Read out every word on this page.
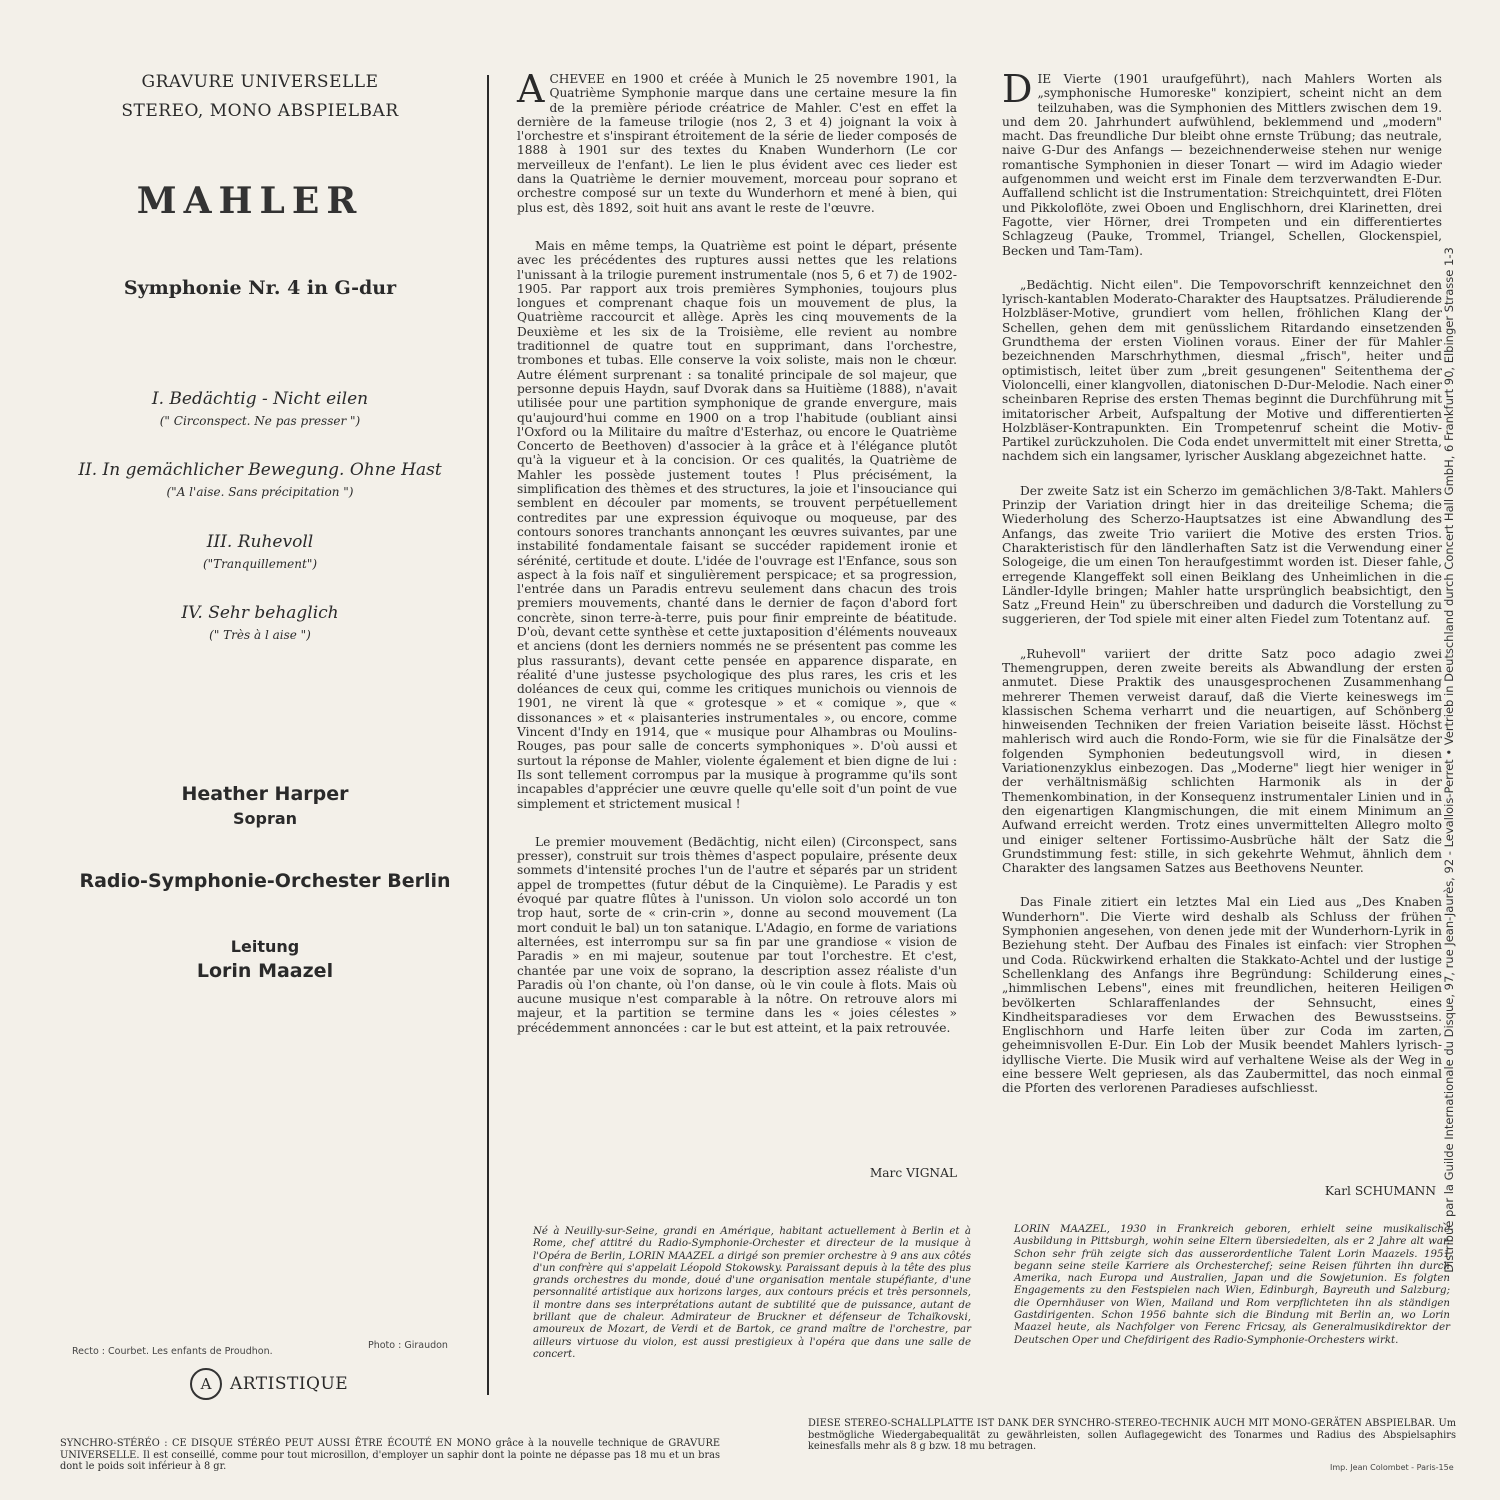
GRAVURE UNIVERSELLE
STEREO, MONO ABSPIELBAR
MAHLER
Symphonie Nr. 4 in G-dur
I. Bedächtig - Nicht eilen
(" Circonspect. Ne pas presser ")
II. In gemächlicher Bewegung. Ohne Hast
("A l'aise. Sans précipitation ")
III. Ruhevoll
("Tranquillement")
IV. Sehr behaglich
(" Très à l aise ")
Heather Harper
Sopran
Radio-Symphonie-Orchester Berlin
Leitung
Lorin Maazel
Recto : Courbet. Les enfants de Proudhon.
Photo : Giraudon
A	ARTISTIQUE

ACHEVEE en 1900 et créée à Munich le 25 novembre 1901, la Quatrième Symphonie marque dans une certaine mesure la fin de la première période créatrice de Mahler. C'est en effet la dernière de la fameuse trilogie (nos 2, 3 et 4) joignant la voix à l'orchestre et s'inspirant étroitement de la série de lieder composés de 1888 à 1901 sur des textes du Knaben Wunderhorn (Le cor merveilleux de l'enfant). Le lien le plus évident avec ces lieder est dans la Quatrième le dernier mouvement, morceau pour soprano et orchestre composé sur un texte du Wunderhorn et mené à bien, qui plus est, dès 1892, soit huit ans avant le reste de l'œuvre.

Mais en même temps, la Quatrième est point le départ, présente avec les précédentes des ruptures aussi nettes que les relations l'unissant à la trilogie purement instrumentale (nos 5, 6 et 7) de 1902-1905. Par rapport aux trois premières Symphonies, toujours plus longues et comprenant chaque fois un mouvement de plus, la Quatrième raccourcit et allège. Après les cinq mouvements de la Deuxième et les six de la Troisième, elle revient au nombre traditionnel de quatre tout en supprimant, dans l'orchestre, trombones et tubas. Elle conserve la voix soliste, mais non le chœur. Autre élément surprenant : sa tonalité principale de sol majeur, que personne depuis Haydn, sauf Dvorak dans sa Huitième (1888), n'avait utilisée pour une partition symphonique de grande envergure, mais qu'aujourd'hui comme en 1900 on a trop l'habitude (oubliant ainsi l'Oxford ou la Militaire du maître d'Esterhaz, ou encore le Quatrième Concerto de Beethoven) d'associer à la grâce et à l'élégance plutôt qu'à la vigueur et à la concision. Or ces qualités, la Quatrième de Mahler les possède justement toutes ! Plus précisément, la simplification des thèmes et des structures, la joie et l'insouciance qui semblent en découler par moments, se trouvent perpétuellement contredites par une expression équivoque ou moqueuse, par des contours sonores tranchants annonçant les œuvres suivantes, par une instabilité fondamentale faisant se succéder rapidement ironie et sérénité, certitude et doute. L'idée de l'ouvrage est l'Enfance, sous son aspect à la fois naïf et singulièrement perspicace; et sa progression, l'entrée dans un Paradis entrevu seulement dans chacun des trois premiers mouvements, chanté dans le dernier de façon d'abord fort concrète, sinon terre-à-terre, puis pour finir empreinte de béatitude. D'où, devant cette synthèse et cette juxtaposition d'éléments nouveaux et anciens (dont les derniers nommés ne se présentent pas comme les plus rassurants), devant cette pensée en apparence disparate, en réalité d'une justesse psychologique des plus rares, les cris et les doléances de ceux qui, comme les critiques munichois ou viennois de 1901, ne virent là que « grotesque » et « comique », que « dissonances » et « plaisanteries instrumentales », ou encore, comme Vincent d'Indy en 1914, que « musique pour Alhambras ou Moulins-Rouges, pas pour salle de concerts symphoniques ». D'où aussi et surtout la réponse de Mahler, violente également et bien digne de lui : Ils sont tellement corrompus par la musique à programme qu'ils sont incapables d'apprécier une œuvre quelle qu'elle soit d'un point de vue simplement et strictement musical !

Le premier mouvement (Bedächtig, nicht eilen) (Circonspect, sans presser), construit sur trois thèmes d'aspect populaire, présente deux sommets d'intensité proches l'un de l'autre et séparés par un strident appel de trompettes (futur début de la Cinquième). Le Paradis y est évoqué par quatre flûtes à l'unisson. Un violon solo accordé un ton trop haut, sorte de « crin-crin », donne au second mouvement (La mort conduit le bal) un ton satanique. L'Adagio, en forme de variations alternées, est interrompu sur sa fin par une grandiose « vision de Paradis » en mi majeur, soutenue par tout l'orchestre. Et c'est, chantée par une voix de soprano, la description assez réaliste d'un Paradis où l'on chante, où l'on danse, où le vin coule à flots. Mais où aucune musique n'est comparable à la nôtre. On retrouve alors mi majeur, et la partition se termine dans les « joies célestes » précédemment annoncées : car le but est atteint, et la paix retrouvée.

Marc VIGNAL
Né à Neuilly-sur-Seine, grandi en Amérique, habitant actuellement à Berlin et à Rome, chef attitré du Radio-Symphonie-Orchester et directeur de la musique à l'Opéra de Berlin, LORIN MAAZEL a dirigé son premier orchestre à 9 ans aux côtés d'un confrère qui s'appelait Léopold Stokowsky. Paraissant depuis à la tête des plus grands orchestres du monde, doué d'une organisation mentale stupéfiante, d'une personnalité artistique aux horizons larges, aux contours précis et très personnels, il montre dans ses interprétations autant de subtilité que de puissance, autant de brillant que de chaleur. Admirateur de Bruckner et défenseur de Tchaïkovski, amoureux de Mozart, de Verdi et de Bartok, ce grand maître de l'orchestre, par ailleurs virtuose du violon, est aussi prestigieux à l'opéra que dans une salle de concert.

DIE Vierte (1901 uraufgeführt), nach Mahlers Worten als „symphonische Humoreske" konzipiert, scheint nicht an dem teilzuhaben, was die Symphonien des Mittlers zwischen dem 19. und dem 20. Jahrhundert aufwühlend, beklemmend und „modern" macht. Das freundliche Dur bleibt ohne ernste Trübung; das neutrale, naive G-Dur des Anfangs — bezeichnenderweise stehen nur wenige romantische Symphonien in dieser Tonart — wird im Adagio wieder aufgenommen und weicht erst im Finale dem terzverwandten E-Dur. Auffallend schlicht ist die Instrumentation: Streichquintett, drei Flöten und Pikkoloflöte, zwei Oboen und Englischhorn, drei Klarinetten, drei Fagotte, vier Hörner, drei Trompeten und ein differentiertes Schlagzeug (Pauke, Trommel, Triangel, Schellen, Glockenspiel, Becken und Tam-Tam).

„Bedächtig. Nicht eilen". Die Tempovorschrift kennzeichnet den lyrisch-kantablen Moderato-Charakter des Hauptsatzes. Präludierende Holzbläser-Motive, grundiert vom hellen, fröhlichen Klang der Schellen, gehen dem mit genüsslichem Ritardando einsetzenden Grundthema der ersten Violinen voraus. Einer der für Mahler bezeichnenden Marschrhythmen, diesmal „frisch", heiter und optimistisch, leitet über zum „breit gesungenen" Seitenthema der Violoncelli, einer klangvollen, diatonischen D-Dur-Melodie. Nach einer scheinbaren Reprise des ersten Themas beginnt die Durchführung mit imitatorischer Arbeit, Aufspaltung der Motive und differentierten Holzbläser-Kontrapunkten. Ein Trompetenruf scheint die Motiv-Partikel zurückzuholen. Die Coda endet unvermittelt mit einer Stretta, nachdem sich ein langsamer, lyrischer Ausklang abgezeichnet hatte.

Der zweite Satz ist ein Scherzo im gemächlichen 3/8-Takt. Mahlers Prinzip der Variation dringt hier in das dreiteilige Schema; die Wiederholung des Scherzo-Hauptsatzes ist eine Abwandlung des Anfangs, das zweite Trio variiert die Motive des ersten Trios. Charakteristisch für den ländlerhaften Satz ist die Verwendung einer Sologeige, die um einen Ton heraufgestimmt worden ist. Dieser fahle, erregende Klangeffekt soll einen Beiklang des Unheimlichen in die Ländler-Idylle bringen; Mahler hatte ursprünglich beabsichtigt, den Satz „Freund Hein" zu überschreiben und dadurch die Vorstellung zu suggerieren, der Tod spiele mit einer alten Fiedel zum Totentanz auf.

„Ruhevoll" variiert der dritte Satz poco adagio zwei Themengruppen, deren zweite bereits als Abwandlung der ersten anmutet. Diese Praktik des unausgesprochenen Zusammenhang mehrerer Themen verweist darauf, daß die Vierte keineswegs im klassischen Schema verharrt und die neuartigen, auf Schönberg hinweisenden Techniken der freien Variation beiseite lässt. Höchst mahlerisch wird auch die Rondo-Form, wie sie für die Finalsätze der folgenden Symphonien bedeutungsvoll wird, in diesen Variationenzyklus einbezogen. Das „Moderne" liegt hier weniger in der verhältnismäßig schlichten Harmonik als in der Themenkombination, in der Konsequenz instrumentaler Linien und in den eigenartigen Klangmischungen, die mit einem Minimum an Aufwand erreicht werden. Trotz eines unvermittelten Allegro molto und einiger seltener Fortissimo-Ausbrüche hält der Satz die Grundstimmung fest: stille, in sich gekehrte Wehmut, ähnlich dem Charakter des langsamen Satzes aus Beethovens Neunter.

Das Finale zitiert ein letztes Mal ein Lied aus „Des Knaben Wunderhorn". Die Vierte wird deshalb als Schluss der frühen Symphonien angesehen, von denen jede mit der Wunderhorn-Lyrik in Beziehung steht. Der Aufbau des Finales ist einfach: vier Strophen und Coda. Rückwirkend erhalten die Stakkato-Achtel und der lustige Schellenklang des Anfangs ihre Begründung: Schilderung eines „himmlischen Lebens", eines mit freundlichen, heiteren Heiligen bevölkerten Schlaraffenlandes der Sehnsucht, eines Kindheitsparadieses vor dem Erwachen des Bewusstseins. Englischhorn und Harfe leiten über zur Coda im zarten, geheimnisvollen E-Dur. Ein Lob der Musik beendet Mahlers lyrisch-idyllische Vierte. Die Musik wird auf verhaltene Weise als der Weg in eine bessere Welt gepriesen, als das Zaubermittel, das noch einmal die Pforten des verlorenen Paradieses aufschliesst.

Karl SCHUMANN
LORIN MAAZEL, 1930 in Frankreich geboren, erhielt seine musikalische Ausbildung in Pittsburgh, wohin seine Eltern übersiedelten, als er 2 Jahre alt war. Schon sehr früh zeigte sich das ausserordentliche Talent Lorin Maazels. 1951 begann seine steile Karriere als Orchesterchef; seine Reisen führten ihn durch Amerika, nach Europa und Australien, Japan und die Sowjetunion. Es folgten Engagements zu den Festspielen nach Wien, Edinburgh, Bayreuth und Salzburg; die Opernhäuser von Wien, Mailand und Rom verpflichteten ihn als ständigen Gastdirigenten. Schon 1956 bahnte sich die Bindung mit Berlin an, wo Lorin Maazel heute, als Nachfolger von Ferenc Fricsay, als Generalmusikdirektor der Deutschen Oper und Chefdirigent des Radio-Symphonie-Orchesters wirkt.
SYNCHRO-STÉRÉO : CE DISQUE STÉRÉO PEUT AUSSI ÊTRE ÉCOUTÉ EN MONO grâce à la nouvelle technique de GRAVURE UNIVERSELLE. Il est conseillé, comme pour tout microsillon, d'employer un saphir dont la pointe ne dépasse pas 18 mu et un bras dont le poids soit inférieur à 8 gr.
DIESE STEREO-SCHALLPLATTE IST DANK DER SYNCHRO-STEREO-TECHNIK AUCH MIT MONO-GERÄTEN ABSPIELBAR. Um bestmögliche Wiedergabequalität zu gewährleisten, sollen Auflagegewicht des Tonarmes und Radius des Abspielsaphirs keinesfalls mehr als 8 g bzw. 18 mu betragen.
Imp. Jean Colombet - Paris-15e
Distribué par la Guilde Internationale du Disque, 97, rue Jean-Jaurès, 92 - Levallois-Perret • Vertrieb in Deutschland durch Concert Hall GmbH, 6 Frankfurt 90, Elbinger Strasse 1-3
